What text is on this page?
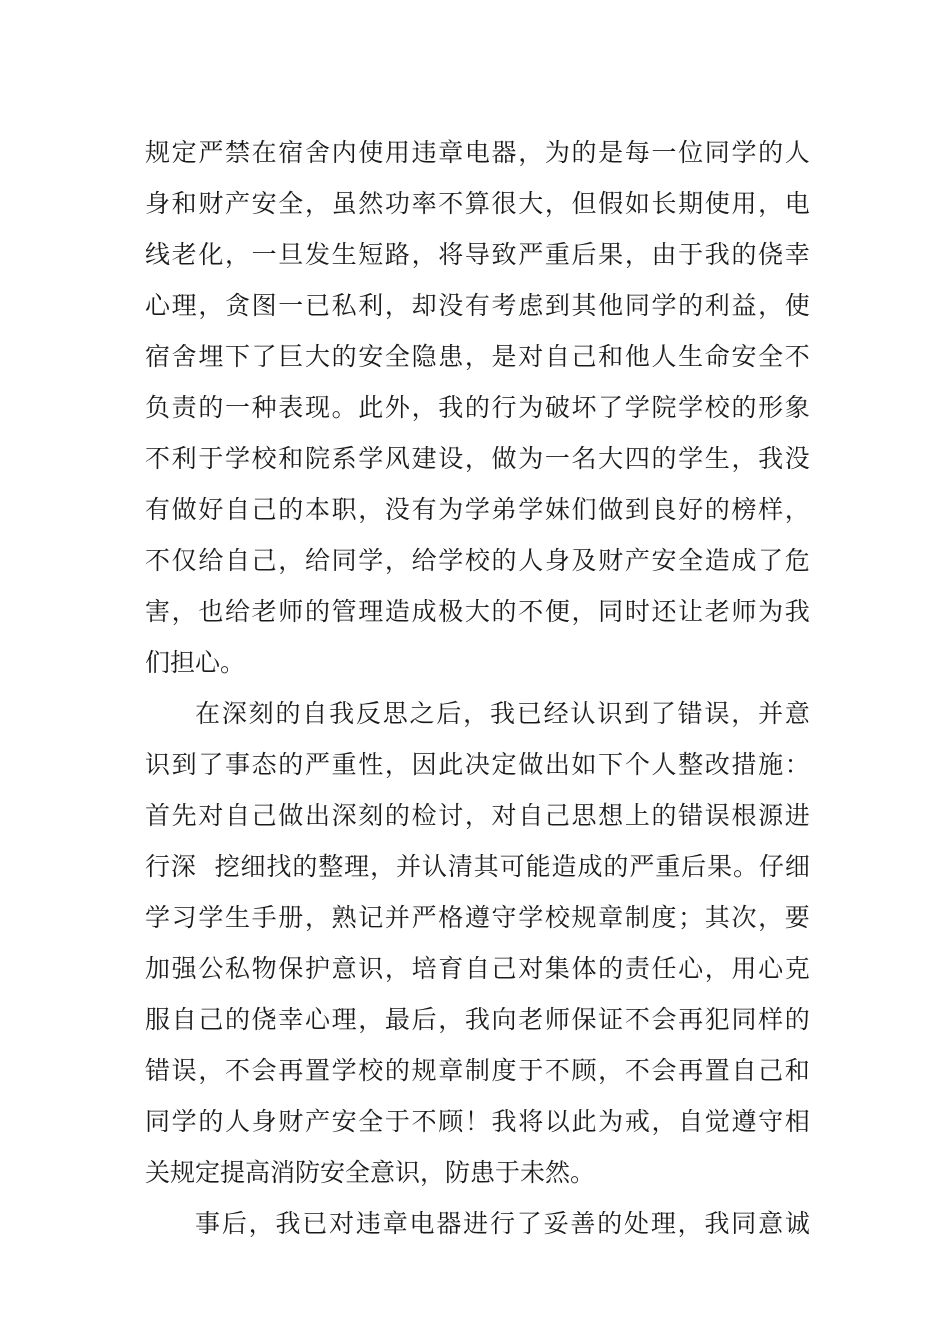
规 定 严 禁 在 宿 舍 内 使 用 违 章 电 器 ， 为 的 是 每 一 位 同 学 的 人
身 和 财 产 安 全 ， 虽 然 功 率 不 算 很 大 ， 但 假 如 长 期 使 用 ， 电
线 老 化 ， 一 旦 发 生 短 路 ， 将 导 致 严 重 后 果 ， 由 于 我 的 侥 幸
心 理 ， 贪 图 一 已 私 利 ， 却 没 有 考 虑 到 其 他 同 学 的 利 益 ， 使
宿 舍 埋 下 了 巨 大 的 安 全 隐 患 ， 是 对 自 己 和 他 人 生 命 安 全 不
负 责 的 一 种 表 现 。 此 外 ， 我 的 行 为 破 坏 了 学 院 学 校 的 形 象
不 利 于 学 校 和 院 系 学 风 建 设 ， 做 为 一 名 大 四 的 学 生 ， 我 没
有 做 好 自 己 的 本 职 ， 没 有 为 学 弟 学 妹 们 做 到 良 好 的 榜 样 ，
不 仅 给 自 己 ， 给 同 学 ， 给 学 校 的 人 身 及 财 产 安 全 造 成 了 危
害 ， 也 给 老 师 的 管 理 造 成 极 大 的 不 便 ， 同 时 还 让 老 师 为 我
们担心。
在 深 刻 的 自 我 反 思 之 后 ， 我 已 经 认 识 到 了 错 误 ， 并 意
识 到 了 事 态 的 严 重 性 ， 因 此 决 定 做 出 如 下 个 人 整 改 措 施 ：
首 先 对 自 己 做 出 深 刻 的 检 讨 ， 对 自 己 思 想 上 的 错 误 根 源 进
行 深

挖 细 找 的 整 理 ， 并 认 清 其 可 能 造 成 的 严 重 后 果 。 仔 细
学 习 学 生 手 册 ， 熟 记 并 严 格 遵 守 学 校 规 章 制 度 ； 其 次 ， 要
加 强 公 私 物 保 护 意 识 ， 培 育 自 己 对 集 体 的 责 任 心 ， 用 心 克
服 自 己 的 侥 幸 心 理 ， 最 后 ， 我 向 老 师 保 证 不 会 再 犯 同 样 的
错 误 ， 不 会 再 置 学 校 的 规 章 制 度 于 不 顾 ， 不 会 再 置 自 己 和
同 学 的 人 身 财 产 安 全 于 不 顾 ！ 我 将 以 此 为 戒 ， 自 觉 遵 守 相
关规定提高消防安全意识，防患于未然。
事 后 ， 我 已 对 违 章 电 器 进 行 了 妥 善 的 处 理 ， 我 同 意 诚
